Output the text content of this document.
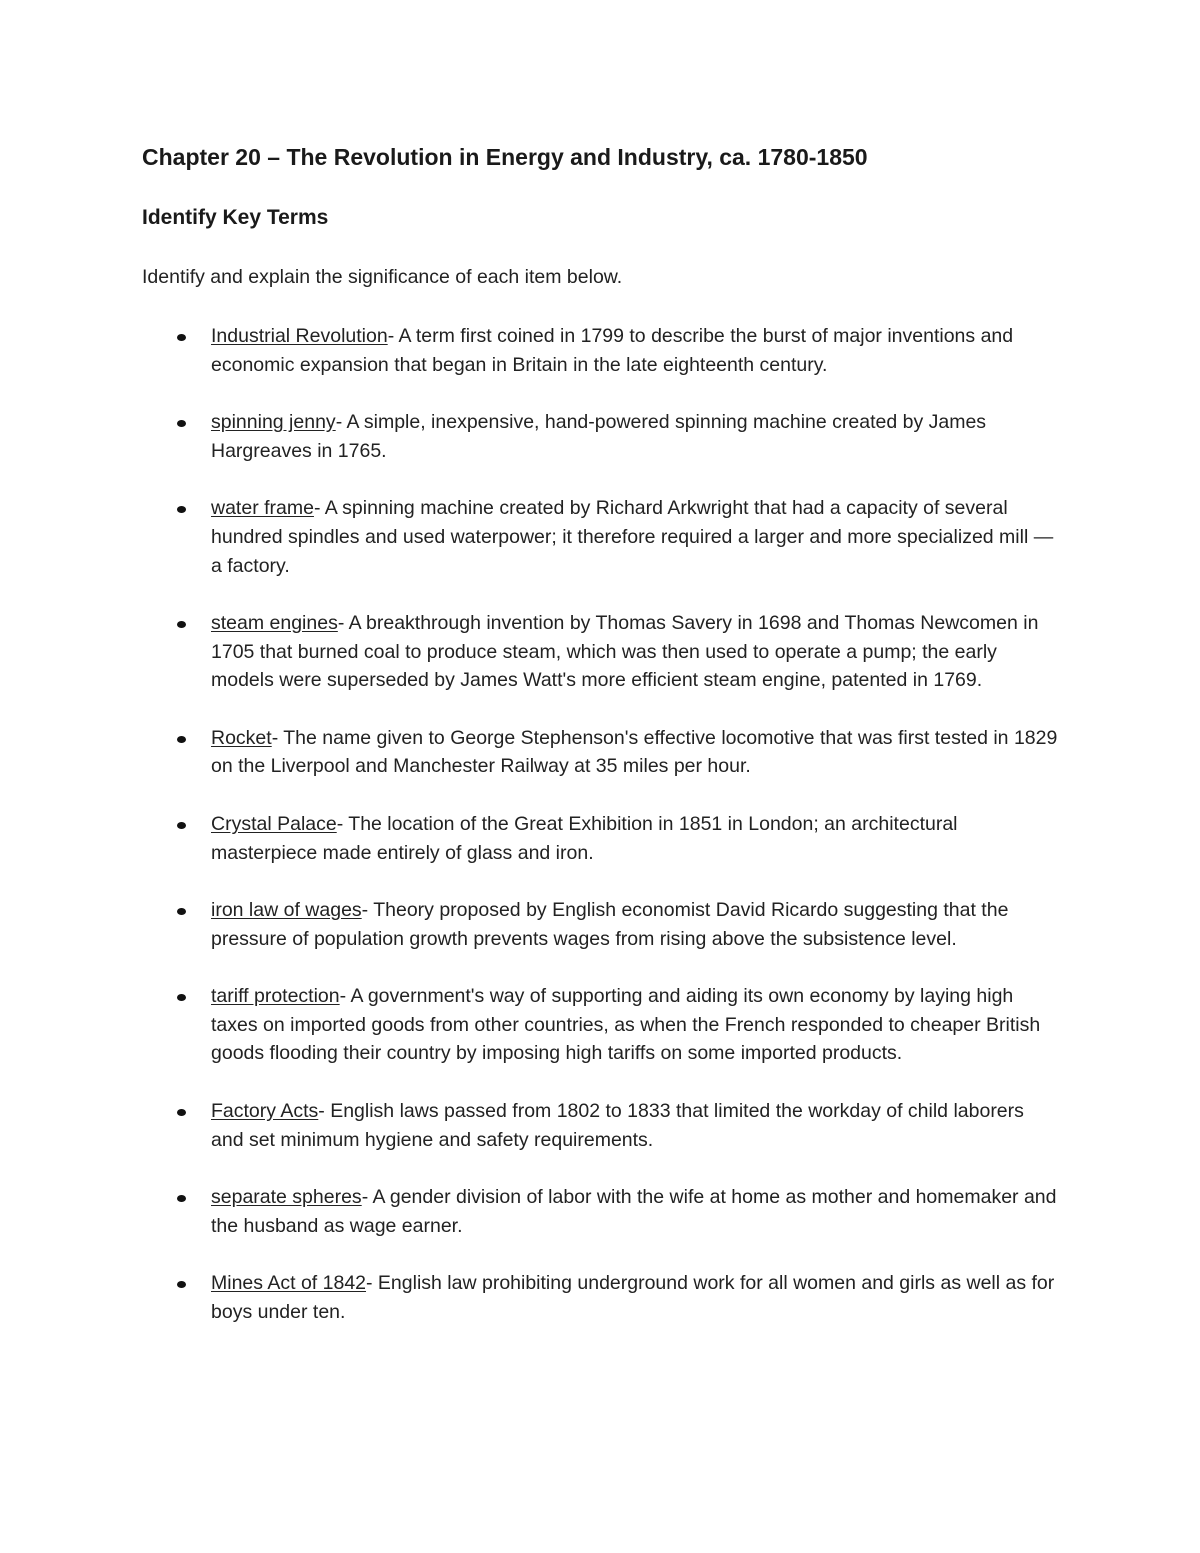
Chapter 20 – The Revolution in Energy and Industry, ca. 1780-1850
Identify Key Terms

Identify and explain the significance of each item below.

Industrial Revolution- A term first coined in 1799 to describe the burst of major inventions and economic expansion that began in Britain in the late eighteenth century.
spinning jenny- A simple, inexpensive, hand-powered spinning machine created by James Hargreaves in 1765.
water frame- A spinning machine created by Richard Arkwright that had a capacity of several hundred spindles and used waterpower; it therefore required a larger and more specialized mill — a factory.
steam engines- A breakthrough invention by Thomas Savery in 1698 and Thomas Newcomen in 1705 that burned coal to produce steam, which was then used to operate a pump; the early models were superseded by James Watt's more efficient steam engine, patented in 1769.
Rocket- The name given to George Stephenson's effective locomotive that was first tested in 1829 on the Liverpool and Manchester Railway at 35 miles per hour.
Crystal Palace- The location of the Great Exhibition in 1851 in London; an architectural masterpiece made entirely of glass and iron.
iron law of wages- Theory proposed by English economist David Ricardo suggesting that the pressure of population growth prevents wages from rising above the subsistence level.
tariff protection- A government's way of supporting and aiding its own economy by laying high taxes on imported goods from other countries, as when the French responded to cheaper British goods flooding their country by imposing high tariffs on some imported products.
Factory Acts- English laws passed from 1802 to 1833 that limited the workday of child laborers and set minimum hygiene and safety requirements.
separate spheres- A gender division of labor with the wife at home as mother and homemaker and the husband as wage earner.
Mines Act of 1842- English law prohibiting underground work for all women and girls as well as for boys under ten.
